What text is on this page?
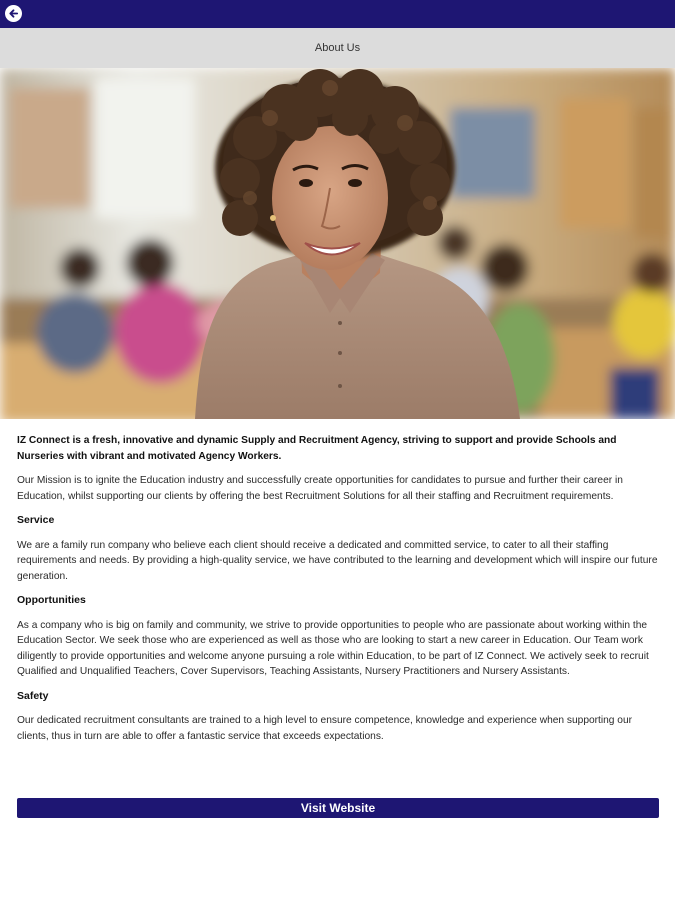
About Us

IZ Connect is a fresh, innovative and dynamic Supply and Recruitment Agency, striving to support and provide Schools and Nurseries with vibrant and motivated Agency Workers.

Our Mission is to ignite the Education industry and successfully create opportunities for candidates to pursue and further their career in Education, whilst supporting our clients by offering the best Recruitment Solutions for all their staffing and Recruitment requirements.

Service

We are a family run company who believe each client should receive a dedicated and committed service, to cater to all their staffing requirements and needs. By providing a high-quality service, we have contributed to the learning and development which will inspire our future generation.

Opportunities

As a company who is big on family and community, we strive to provide opportunities to people who are passionate about working within the Education Sector. We seek those who are experienced as well as those who are looking to start a new career in Education. Our Team work diligently to provide opportunities and welcome anyone pursuing a role within Education, to be part of IZ Connect. We actively seek to recruit Qualified and Unqualified Teachers, Cover Supervisors, Teaching Assistants, Nursery Practitioners and Nursery Assistants.

Safety

Our dedicated recruitment consultants are trained to a high level to ensure competence, knowledge and experience when supporting our clients, thus in turn are able to offer a fantastic service that exceeds expectations.

Visit Website
